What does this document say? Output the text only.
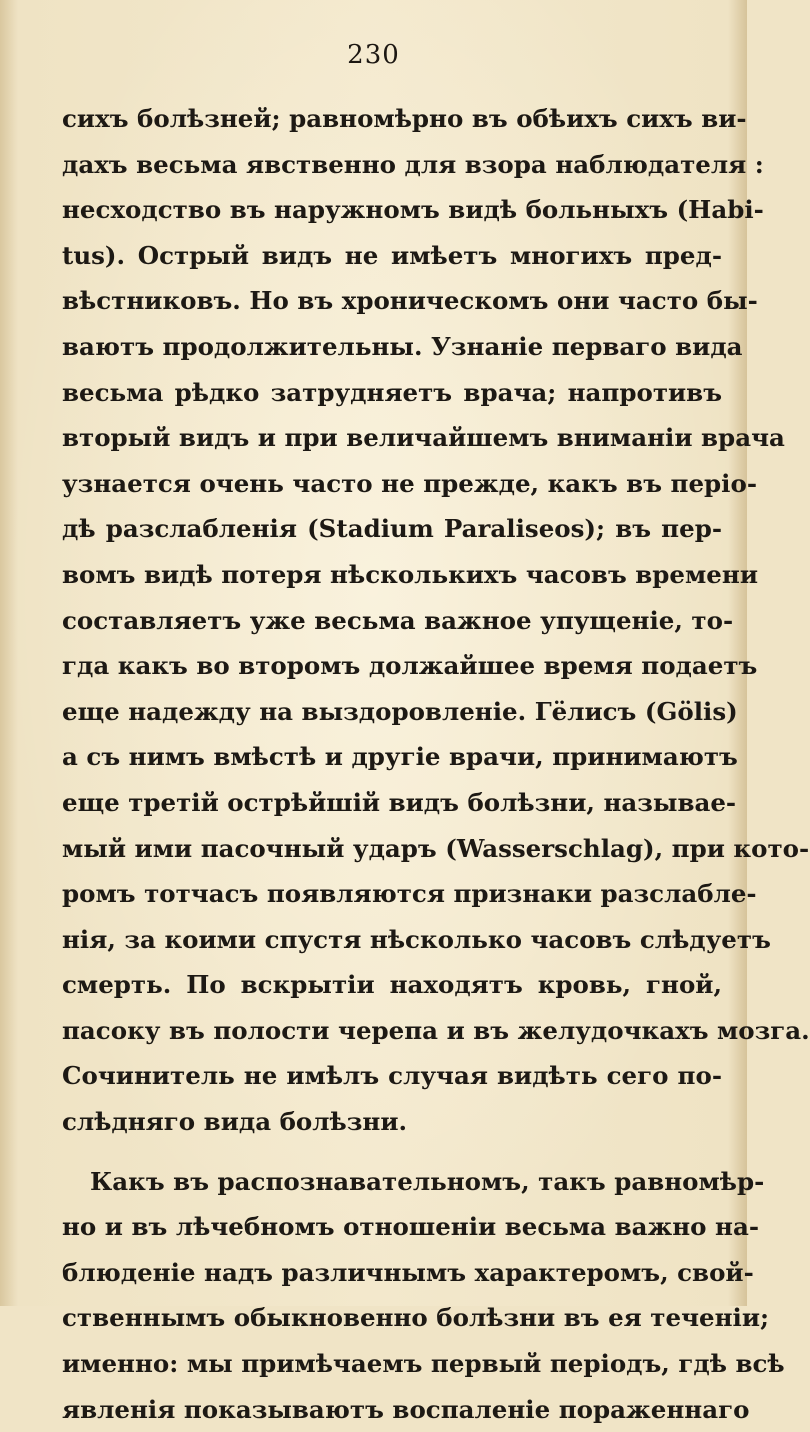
230
сихъ болѣзней; равномѣрно въ обѣихъ сихъ ви-
дахъ весьма явственно для взора наблюдателя :
несходство въ наружномъ видѣ больныхъ (Habi-
tus). Острый видъ не имѣетъ многихъ пред-
вѣстниковъ. Но въ хроническомъ они часто бы-
ваютъ продолжительны. Узнаніе перваго вида
весьма рѣдко затрудняетъ врача; напротивъ
вторый видъ и при величайшемъ вниманіи врача
узнается очень часто не прежде, какъ въ періо-
дѣ разслабленія (Stadium Paraliseos); въ пер-
вомъ видѣ потеря нѣсколькихъ часовъ времени
составляетъ уже весьма важное упущеніе, то-
гда какъ во второмъ должайшее время подаетъ
еще надежду на выздоровленіе. Гёлисъ (Gölis)
а съ нимъ вмѣстѣ и другіе врачи, принимаютъ
еще третій острѣйшій видъ болѣзни, называе-
мый ими пасочный ударъ (Wasserschlag), при кото-
ромъ тотчасъ появляются признаки разслабле-
нія, за коими спустя нѣсколько часовъ слѣдуетъ
смерть. По вскрытіи находятъ кровь, гной,
пасоку въ полости черепа и въ желудочкахъ мозга.
Сочинитель не имѣлъ случая видѣть сего по-
слѣдняго вида болѣзни.
Какъ въ распознавательномъ, такъ равномѣр-
но и въ лѣчебномъ отношеніи весьма важно на-
блюденіе надъ различнымъ характеромъ, свой-
ственнымъ обыкновенно болѣзни въ ея теченіи;
именно: мы примѣчаемъ первый періодъ, гдѣ всѣ
явленія показываютъ воспаленіе пораженнаго
